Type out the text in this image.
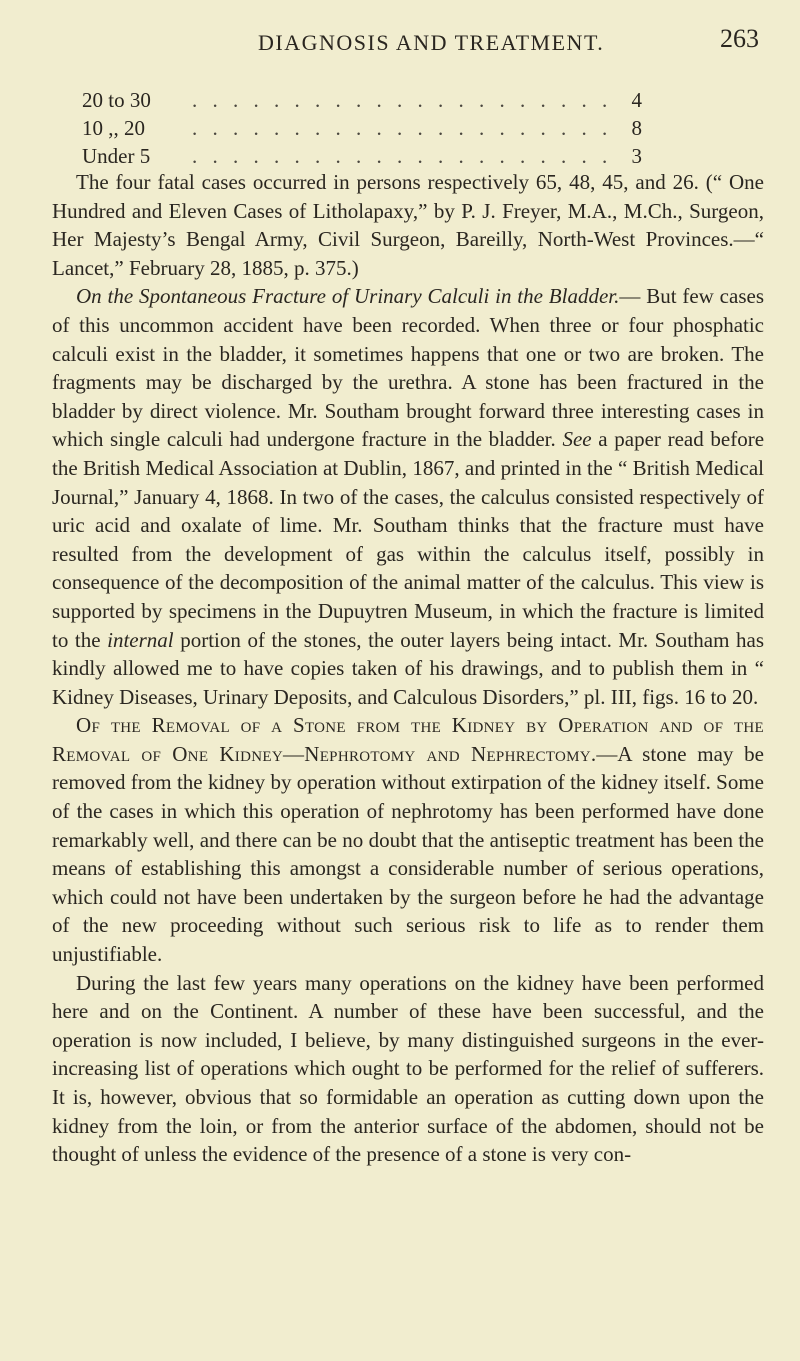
DIAGNOSIS AND TREATMENT.	263
20 to 30	. . . . . . . . . . . . . . . . . . . . . 4
10 ,, 20	. . . . . . . . . . . . . . . . . . . . . 8
Under 5	. . . . . . . . . . . . . . . . . . . . . 3

The four fatal cases occurred in persons respectively 65, 48, 45, and 26. (“ One Hundred and Eleven Cases of Litholapaxy,” by P. J. Freyer, M.A., M.Ch., Surgeon, Her Majesty’s Bengal Army, Civil Surgeon, Bareilly, North-West Provinces.—“ Lancet,” February 28, 1885, p. 375.)

On the Spontaneous Fracture of Urinary Calculi in the Bladder.— But few cases of this uncommon accident have been recorded. When three or four phosphatic calculi exist in the bladder, it sometimes happens that one or two are broken. The fragments may be discharged by the urethra. A stone has been fractured in the bladder by direct violence. Mr. Southam brought forward three interesting cases in which single calculi had undergone fracture in the bladder. See a paper read before the British Medical Association at Dublin, 1867, and printed in the “ British Medical Journal,” January 4, 1868. In two of the cases, the calculus consisted respectively of uric acid and oxalate of lime. Mr. Southam thinks that the fracture must have resulted from the development of gas within the calculus itself, possibly in consequence of the decomposition of the animal matter of the calculus. This view is supported by specimens in the Dupuytren Museum, in which the fracture is limited to the internal portion of the stones, the outer layers being intact. Mr. Southam has kindly allowed me to have copies taken of his drawings, and to publish them in “ Kidney Diseases, Urinary Deposits, and Calculous Disorders,” pl. III, figs. 16 to 20.

Of the Removal of a Stone from the Kidney by Operation and of the Removal of One Kidney—Nephrotomy and Nephrectomy.—A stone may be removed from the kidney by operation without extirpation of the kidney itself. Some of the cases in which this operation of nephrotomy has been performed have done remarkably well, and there can be no doubt that the antiseptic treatment has been the means of establishing this amongst a considerable number of serious operations, which could not have been undertaken by the surgeon before he had the advantage of the new proceeding without such serious risk to life as to render them unjustifiable.

During the last few years many operations on the kidney have been performed here and on the Continent. A number of these have been successful, and the operation is now included, I believe, by many distinguished surgeons in the ever-increasing list of operations which ought to be performed for the relief of sufferers. It is, however, obvious that so formidable an operation as cutting down upon the kidney from the loin, or from the anterior surface of the abdomen, should not be thought of unless the evidence of the presence of a stone is very con-
